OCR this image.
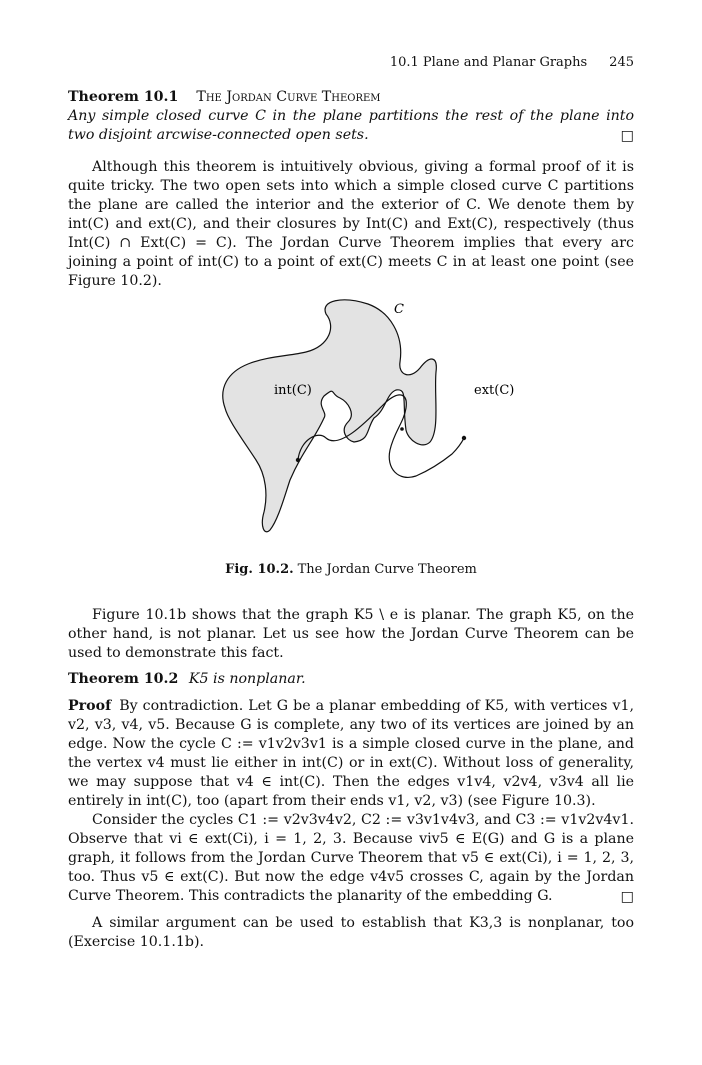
10.1 Plane and Planar Graphs 245

Theorem 10.1 The Jordan Curve Theorem

Any simple closed curve C in the plane partitions the rest of the plane into two disjoint arcwise-connected open sets.	□

Although this theorem is intuitively obvious, giving a formal proof of it is quite tricky. The two open sets into which a simple closed curve C partitions the plane are called the interior and the exterior of C. We denote them by int(C) and ext(C), and their closures by Int(C) and Ext(C), respectively (thus Int(C) ∩ Ext(C) = C). The Jordan Curve Theorem implies that every arc joining a point of int(C) to a point of ext(C) meets C in at least one point (see Figure 10.2).

C
int(C)	ext(C)
Fig. 10.2. The Jordan Curve Theorem

Figure 10.1b shows that the graph K5 \ e is planar. The graph K5, on the other hand, is not planar. Let us see how the Jordan Curve Theorem can be used to demonstrate this fact.

Theorem 10.2 K5 is nonplanar.

Proof By contradiction. Let G be a planar embedding of K5, with vertices v1, v2, v3, v4, v5. Because G is complete, any two of its vertices are joined by an edge. Now the cycle C := v1v2v3v1 is a simple closed curve in the plane, and the vertex v4 must lie either in int(C) or in ext(C). Without loss of generality, we may suppose that v4 ∈ int(C). Then the edges v1v4, v2v4, v3v4 all lie entirely in int(C), too (apart from their ends v1, v2, v3) (see Figure 10.3).

Consider the cycles C1 := v2v3v4v2, C2 := v3v1v4v3, and C3 := v1v2v4v1. Observe that vi ∈ ext(Ci), i = 1, 2, 3. Because viv5 ∈ E(G) and G is a plane graph, it follows from the Jordan Curve Theorem that v5 ∈ ext(Ci), i = 1, 2, 3, too. Thus v5 ∈ ext(C). But now the edge v4v5 crosses C, again by the Jordan Curve Theorem. This contradicts the planarity of the embedding G.	□

A similar argument can be used to establish that K3,3 is nonplanar, too (Exercise 10.1.1b).
